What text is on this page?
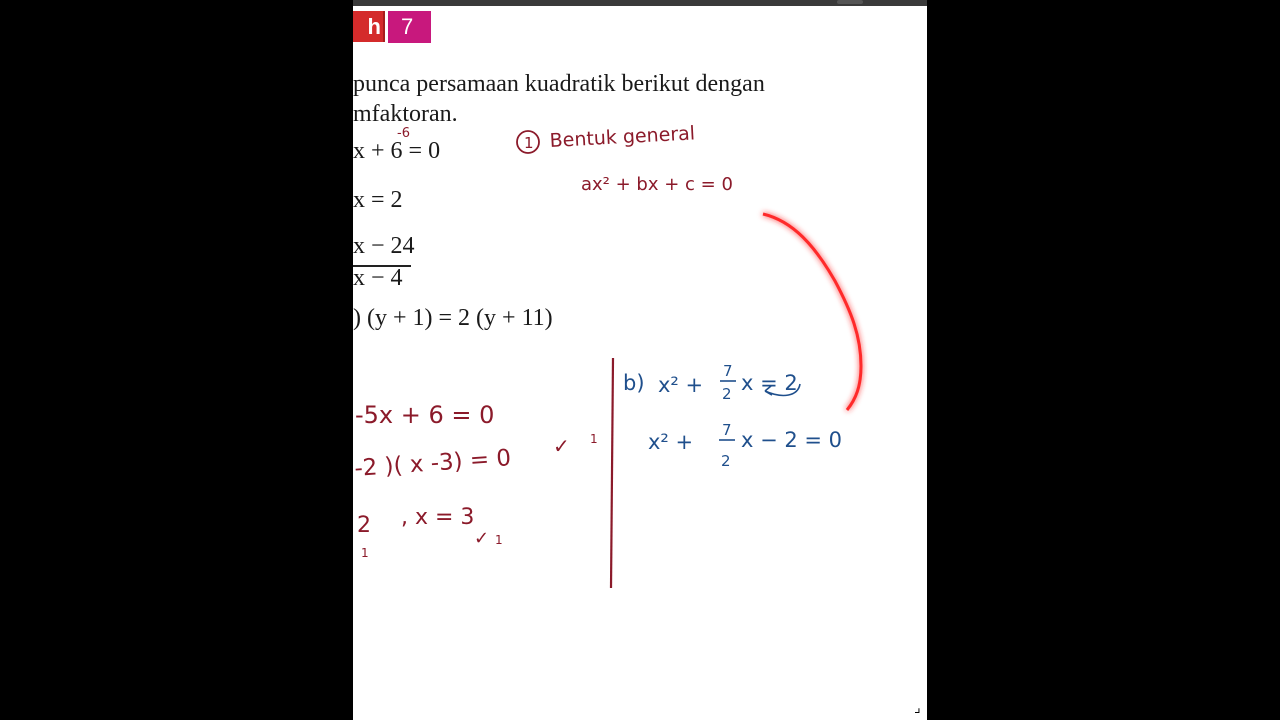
h 7
punca persamaan kuadratik berikut dengan
mfaktoran.
x + 6 = 0
x = 2
x − 24
x − 4
) (y + 1) = 2 (y + 11)
-6
1 Bentuk general
ax² + bx + c = 0
-5x + 6 = 0
-2 )( x -3) = 0 ✓ 1
2 , x = 3
✓ 1
1
b) x² +
7
2 x = 2
x² + 7
2
x − 2 = 0
⌟
